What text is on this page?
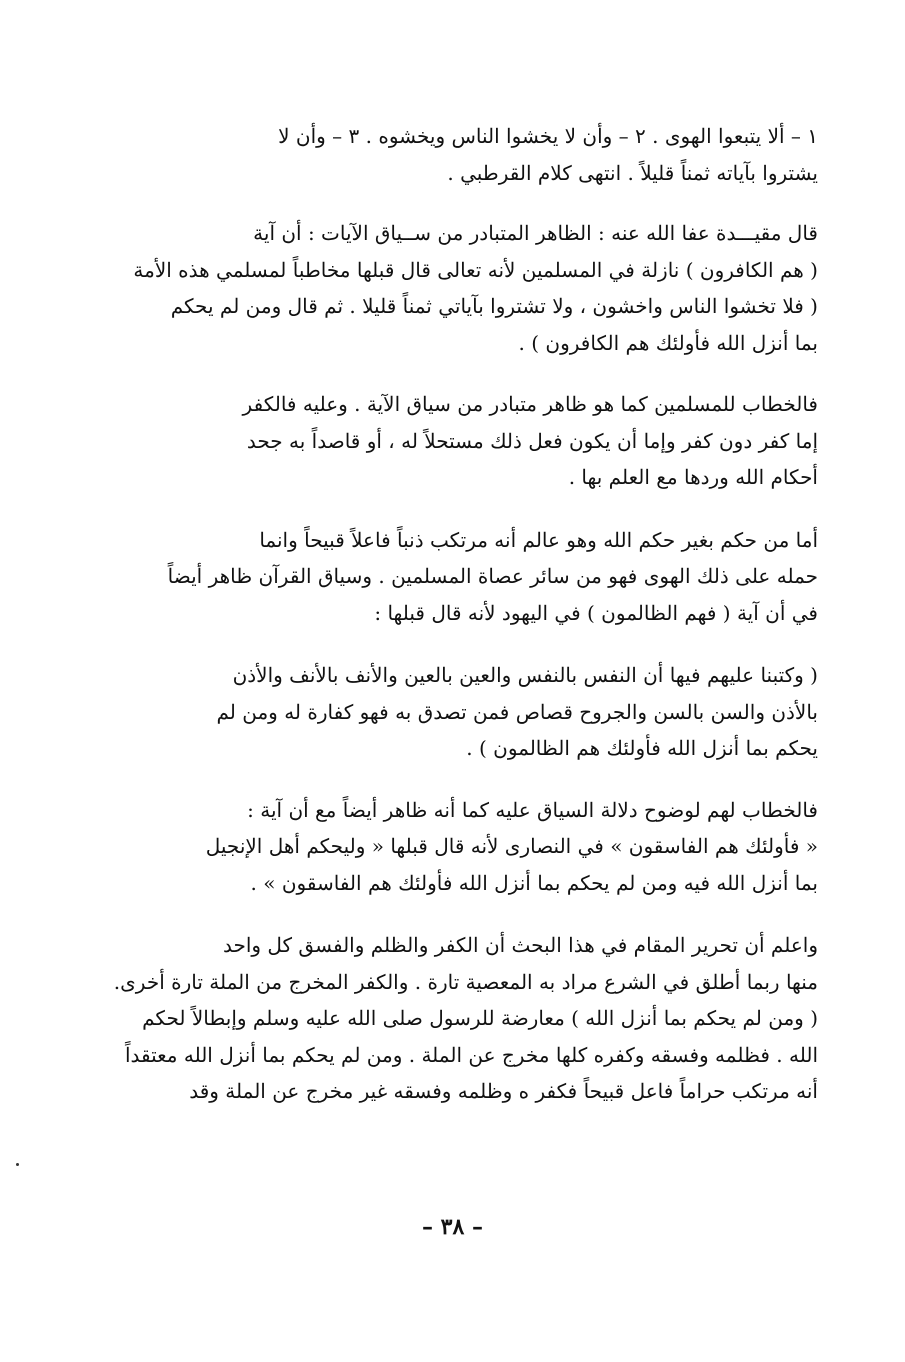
١ – ألا يتبعوا الهوى . ٢ – وأن لا يخشوا الناس ويخشوه . ٣ – وأن لا
يشتروا بآياته ثمناً قليلاً . انتهى كلام القرطبي .

قال مقيـــدة عفا الله عنه : الظاهر المتبادر من ســياق الآيات : أن آية
( هم الكافرون ) نازلة في المسلمين لأنه تعالى قال قبلها مخاطباً لمسلمي هذه الأمة
( فلا تخشوا الناس واخشون ، ولا تشتروا بآياتي ثمناً قليلا . ثم قال ومن لم يحكم
بما أنزل الله فأولئك هم الكافرون ) .

فالخطاب للمسلمين كما هو ظاهر متبادر من سياق الآية . وعليه فالكفر
إما كفر دون كفر وإما أن يكون فعل ذلك مستحلاً له ، أو قاصداً به جحد
أحكام الله وردها مع العلم بها .

أما من حكم بغير حكم الله وهو عالم أنه مرتكب ذنباً فاعلاً قبيحاً وانما
حمله على ذلك الهوى فهو من سائر عصاة المسلمين . وسياق القرآن ظاهر أيضاً
في أن آية ( فهم الظالمون ) في اليهود لأنه قال قبلها :

( وكتبنا عليهم فيها أن النفس بالنفس والعين بالعين والأنف بالأنف والأذن
بالأذن والسن بالسن والجروح قصاص فمن تصدق به فهو كفارة له ومن لم
يحكم بما أنزل الله فأولئك هم الظالمون ) .

فالخطاب لهم لوضوح دلالة السياق عليه كما أنه ظاهر أيضاً مع أن آية :
« فأولئك هم الفاسقون » في النصارى لأنه قال قبلها « وليحكم أهل الإنجيل
بما أنزل الله فيه ومن لم يحكم بما أنزل الله فأولئك هم الفاسقون » .

واعلم أن تحرير المقام في هذا البحث أن الكفر والظلم والفسق كل واحد
منها ربما أطلق في الشرع مراد به المعصية تارة . والكفر المخرج من الملة تارة أخرى.
( ومن لم يحكم بما أنزل الله ) معارضة للرسول صلى الله عليه وسلم وإبطالاً لحكم
الله . فظلمه وفسقه وكفره كلها مخرج عن الملة . ومن لم يحكم بما أنزل الله معتقداً
أنه مرتكب حراماً فاعل قبيحاً فكفر ه وظلمه وفسقه غير مخرج عن الملة وقد

– ٣٨ –
